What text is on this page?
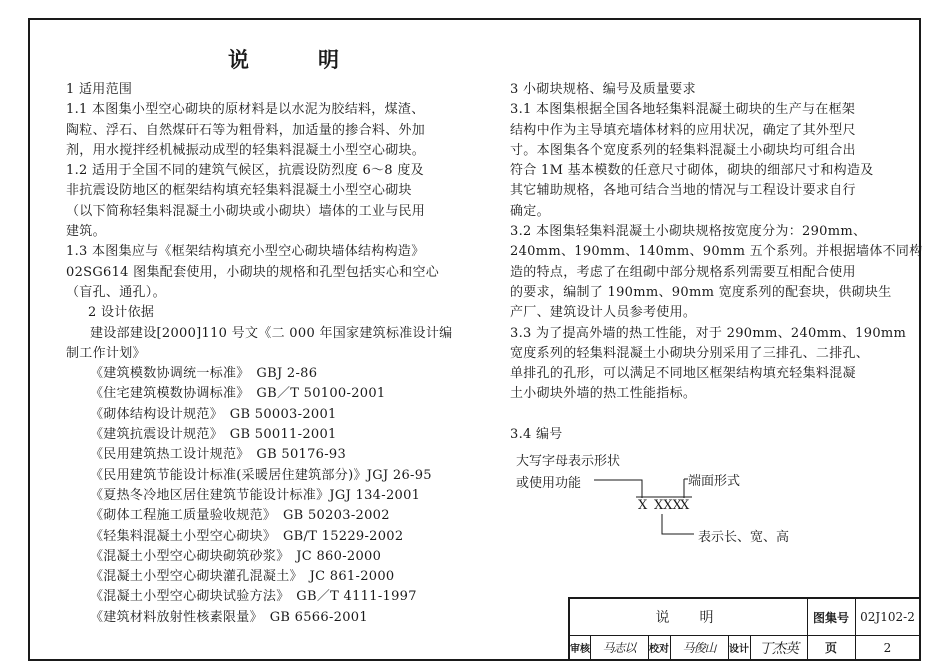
说　明
1 适用范围
1.1 本图集小型空心砌块的原材料是以水泥为胶结料，煤渣、
陶粒、浮石、自然煤矸石等为粗骨料，加适量的掺合料、外加
剂，用水搅拌经机械振动成型的轻集料混凝土小型空心砌块。
1.2 适用于全国不同的建筑气候区，抗震设防烈度 6～8 度及
非抗震设防地区的框架结构填充轻集料混凝土小型空心砌块
（以下简称轻集料混凝土小砌块或小砌块）墙体的工业与民用
建筑。
1.3 本图集应与《框架结构填充小型空心砌块墙体结构构造》
02SG614 图集配套使用，小砌块的规格和孔型包括实心和空心
（盲孔、通孔）。
2 设计依据
建设部建设[2000]110 号文《二 000 年国家建筑标准设计编
制工作计划》
《建筑模数协调统一标准》　GBJ 2-86
《住宅建筑模数协调标准》　GB／T 50100-2001
《砌体结构设计规范》　GB 50003-2001
《建筑抗震设计规范》　GB 50011-2001
《民用建筑热工设计规范》　GB 50176-93
《民用建筑节能设计标准(采暖居住建筑部分)》JGJ 26-95
《夏热冬冷地区居住建筑节能设计标准》JGJ 134-2001
《砌体工程施工质量验收规范》　GB 50203-2002
《轻集料混凝土小型空心砌块》　GB/T 15229-2002
《混凝土小型空心砌块砌筑砂浆》　JC 860-2000
《混凝土小型空心砌块灌孔混凝土》　JC 861-2000
《混凝土小型空心砌块试验方法》　GB／T 4111-1997
《建筑材料放射性核素限量》　GB 6566-2001
3 小砌块规格、编号及质量要求
3.1 本图集根据全国各地轻集料混凝土砌块的生产与在框架
结构中作为主导填充墙体材料的应用状况，确定了其外型尺
寸。本图集各个宽度系列的轻集料混凝土小砌块均可组合出
符合 1M 基本模数的任意尺寸砌体，砌块的细部尺寸和构造及
其它辅助规格，各地可结合当地的情况与工程设计要求自行
确定。
3.2 本图集轻集料混凝土小砌块规格按宽度分为：290mm、
240mm、190mm、140mm、90mm 五个系列。并根据墙体不同构
造的特点，考虑了在组砌中部分规格系列需要互相配合使用
的要求，编制了 190mm、90mm 宽度系列的配套块，供砌块生
产厂、建筑设计人员参考使用。
3.3 为了提高外墙的热工性能，对于 290mm、240mm、190mm
宽度系列的轻集料混凝土小砌块分别采用了三排孔、二排孔、
单排孔的孔形，可以满足不同地区框架结构填充轻集料混凝
土小砌块外墙的热工性能指标。
3.4 编号
大写字母表示形状
或使用功能	端面形式
X XXX
X
表示长、宽、高
说　明	图集号 02J102-2
审核	马志以	校对	马俊山	设计 丁杰英	页	2
